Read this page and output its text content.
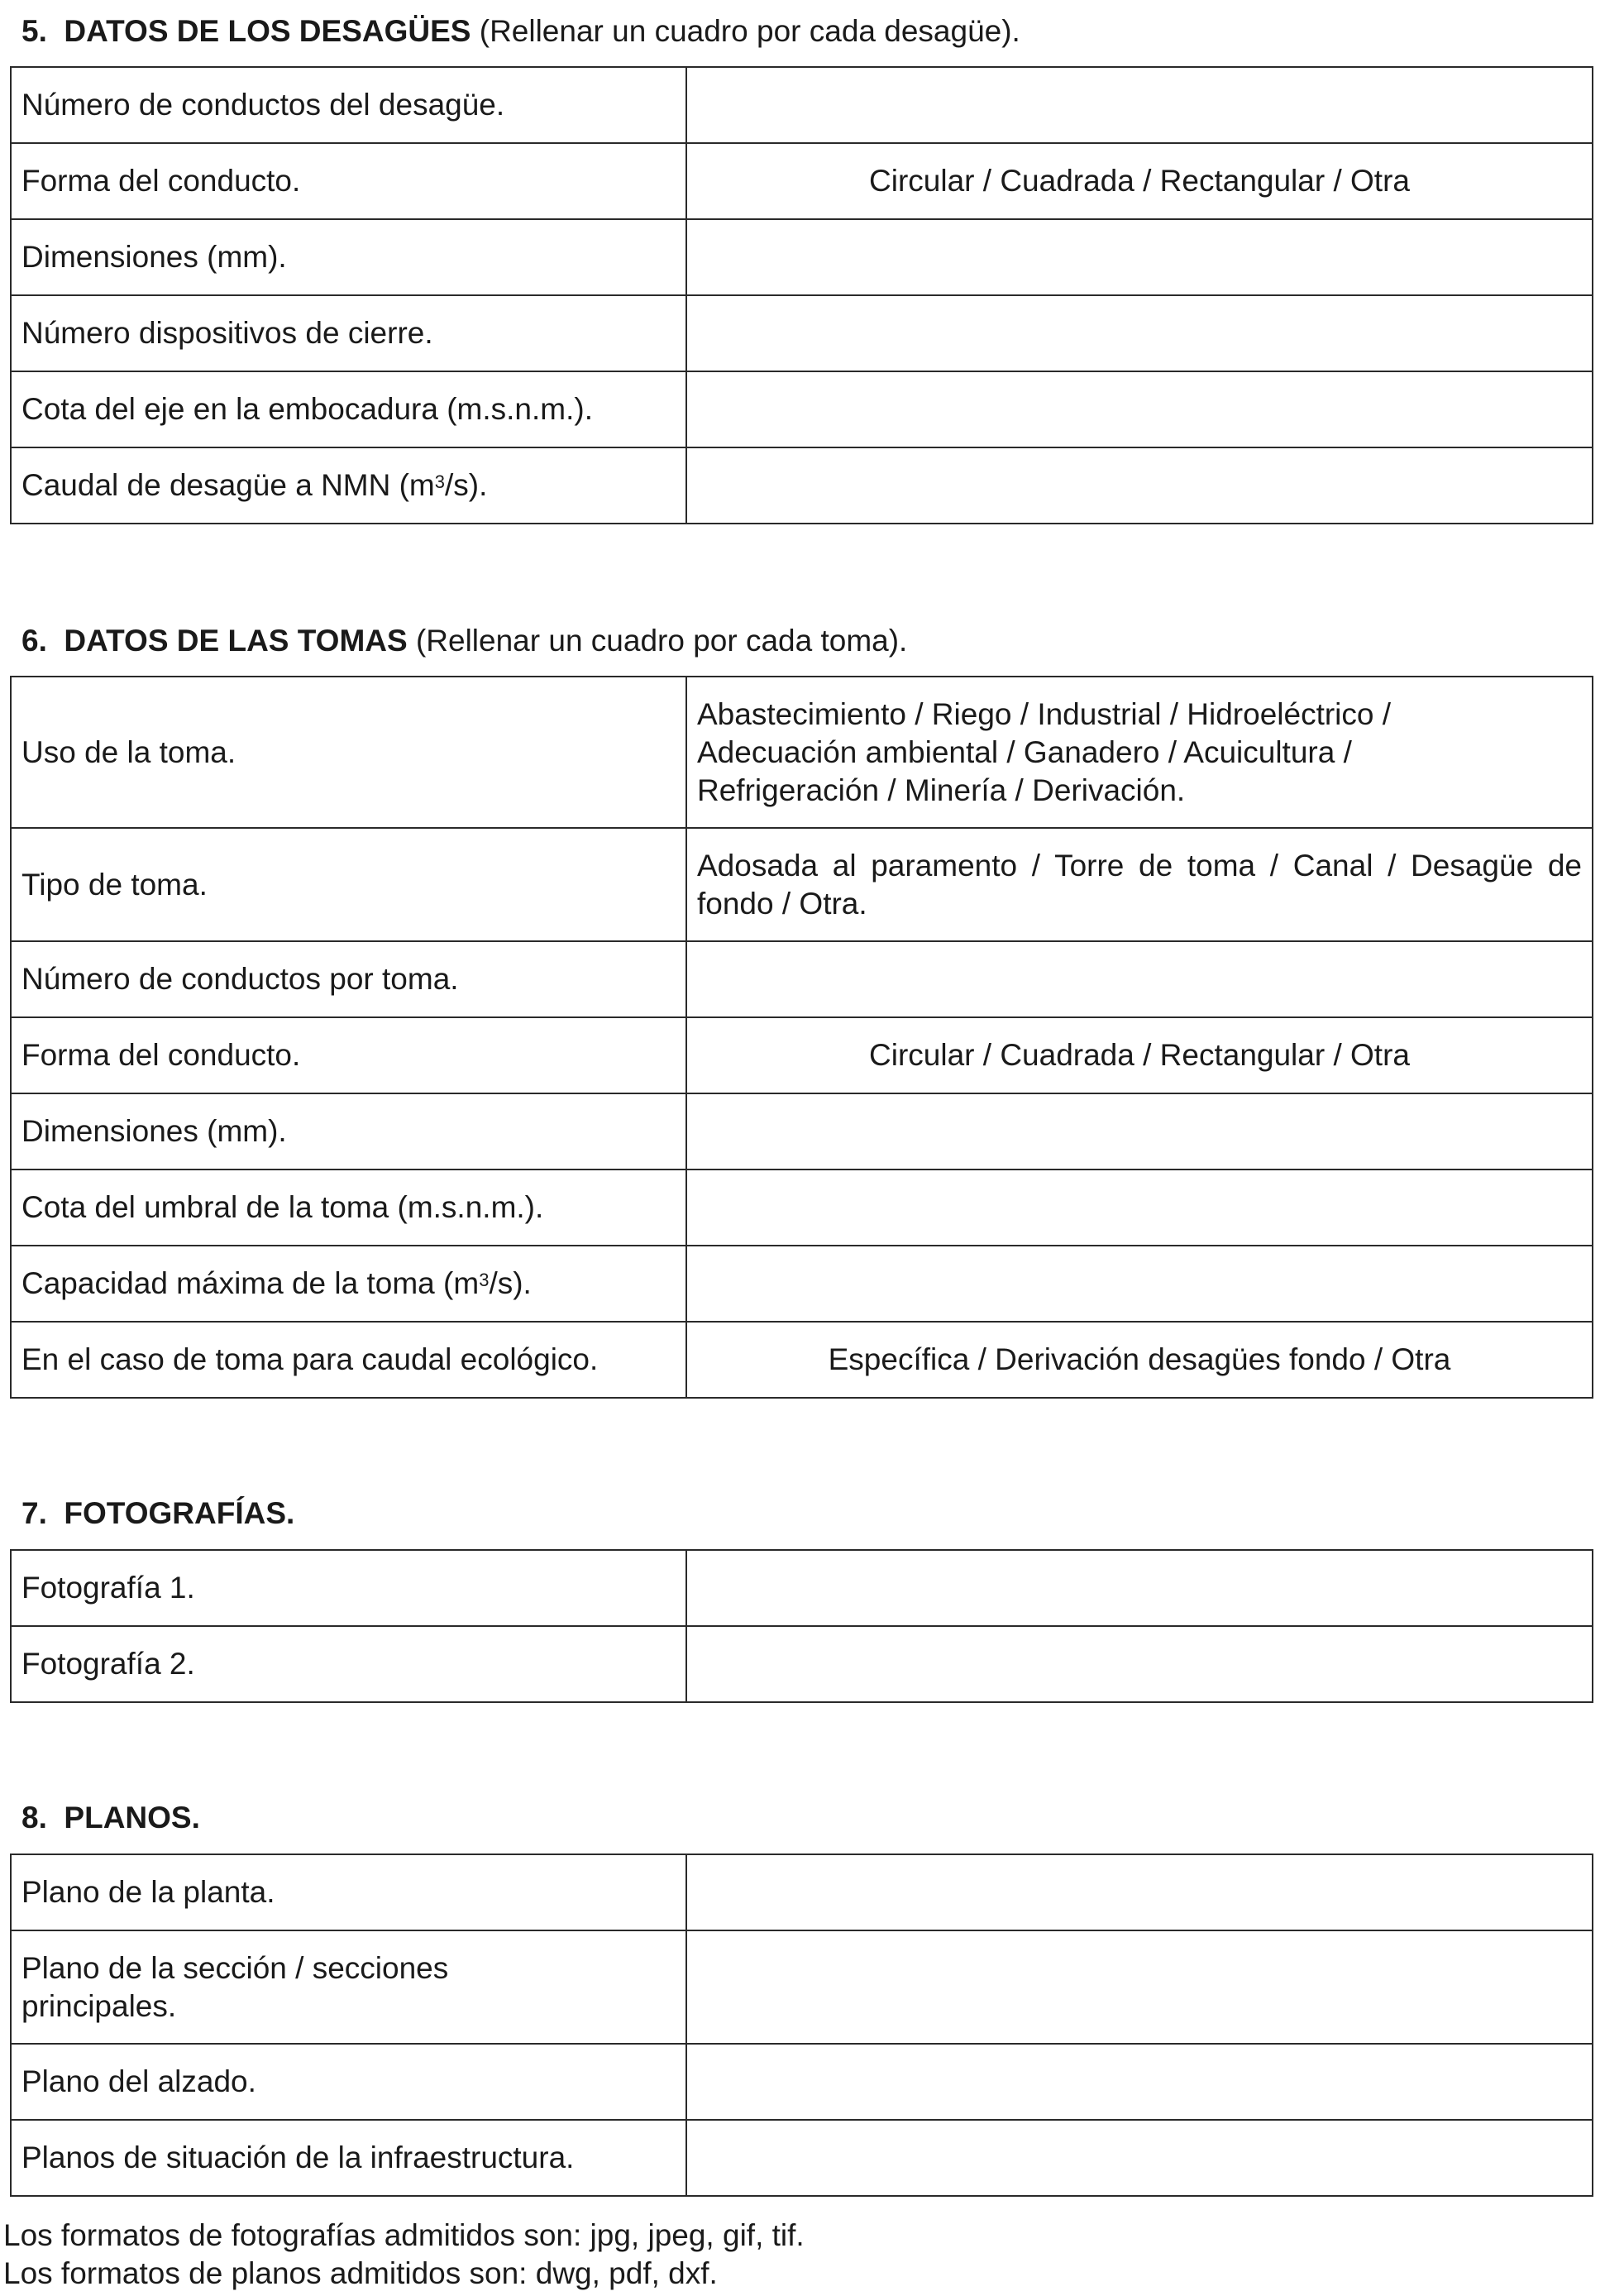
5. DATOS DE LOS DESAGÜES (Rellenar un cuadro por cada desagüe).
Número de conductos del desagüe.	
Forma del conducto.	Circular / Cuadrada / Rectangular / Otra
Dimensiones (mm).	
Número dispositivos de cierre.	
Cota del eje en la embocadura (m.s.n.m.).	
Caudal de desagüe a NMN $(m^3/s)$.	
6. DATOS DE LAS TOMAS (Rellenar un cuadro por cada toma).
Uso de la toma.	Abastecimiento / Riego / Industrial / Hidroeléctrico /
Adecuación ambiental / Ganadero / Acuicultura /
Refrigeración / Minería / Derivación.

Tipo de toma.	Adosada al paramento / Torre de toma / Canal / Desagüe de
fondo / Otra.

Número de conductos por toma.	
Forma del conducto.	Circular / Cuadrada / Rectangular / Otra
Dimensiones (mm).	
Cota del umbral de la toma (m.s.n.m.).	
Capacidad máxima de la toma $(m^3/s)$.	
En el caso de toma para caudal ecológico.	Específica / Derivación desagües fondo / Otra
7. FOTOGRAFÍAS.
Fotografía 1.	
Fotografía 2.	
8. PLANOS.
Plano de la planta.	

Plano de la sección / secciones
principales.	

Plano del alzado.	
Planos de situación de la infraestructura.	
Los formatos de fotografías admitidos son: jpg, jpeg, gif, tif.
Los formatos de planos admitidos son: dwg, pdf, dxf.
